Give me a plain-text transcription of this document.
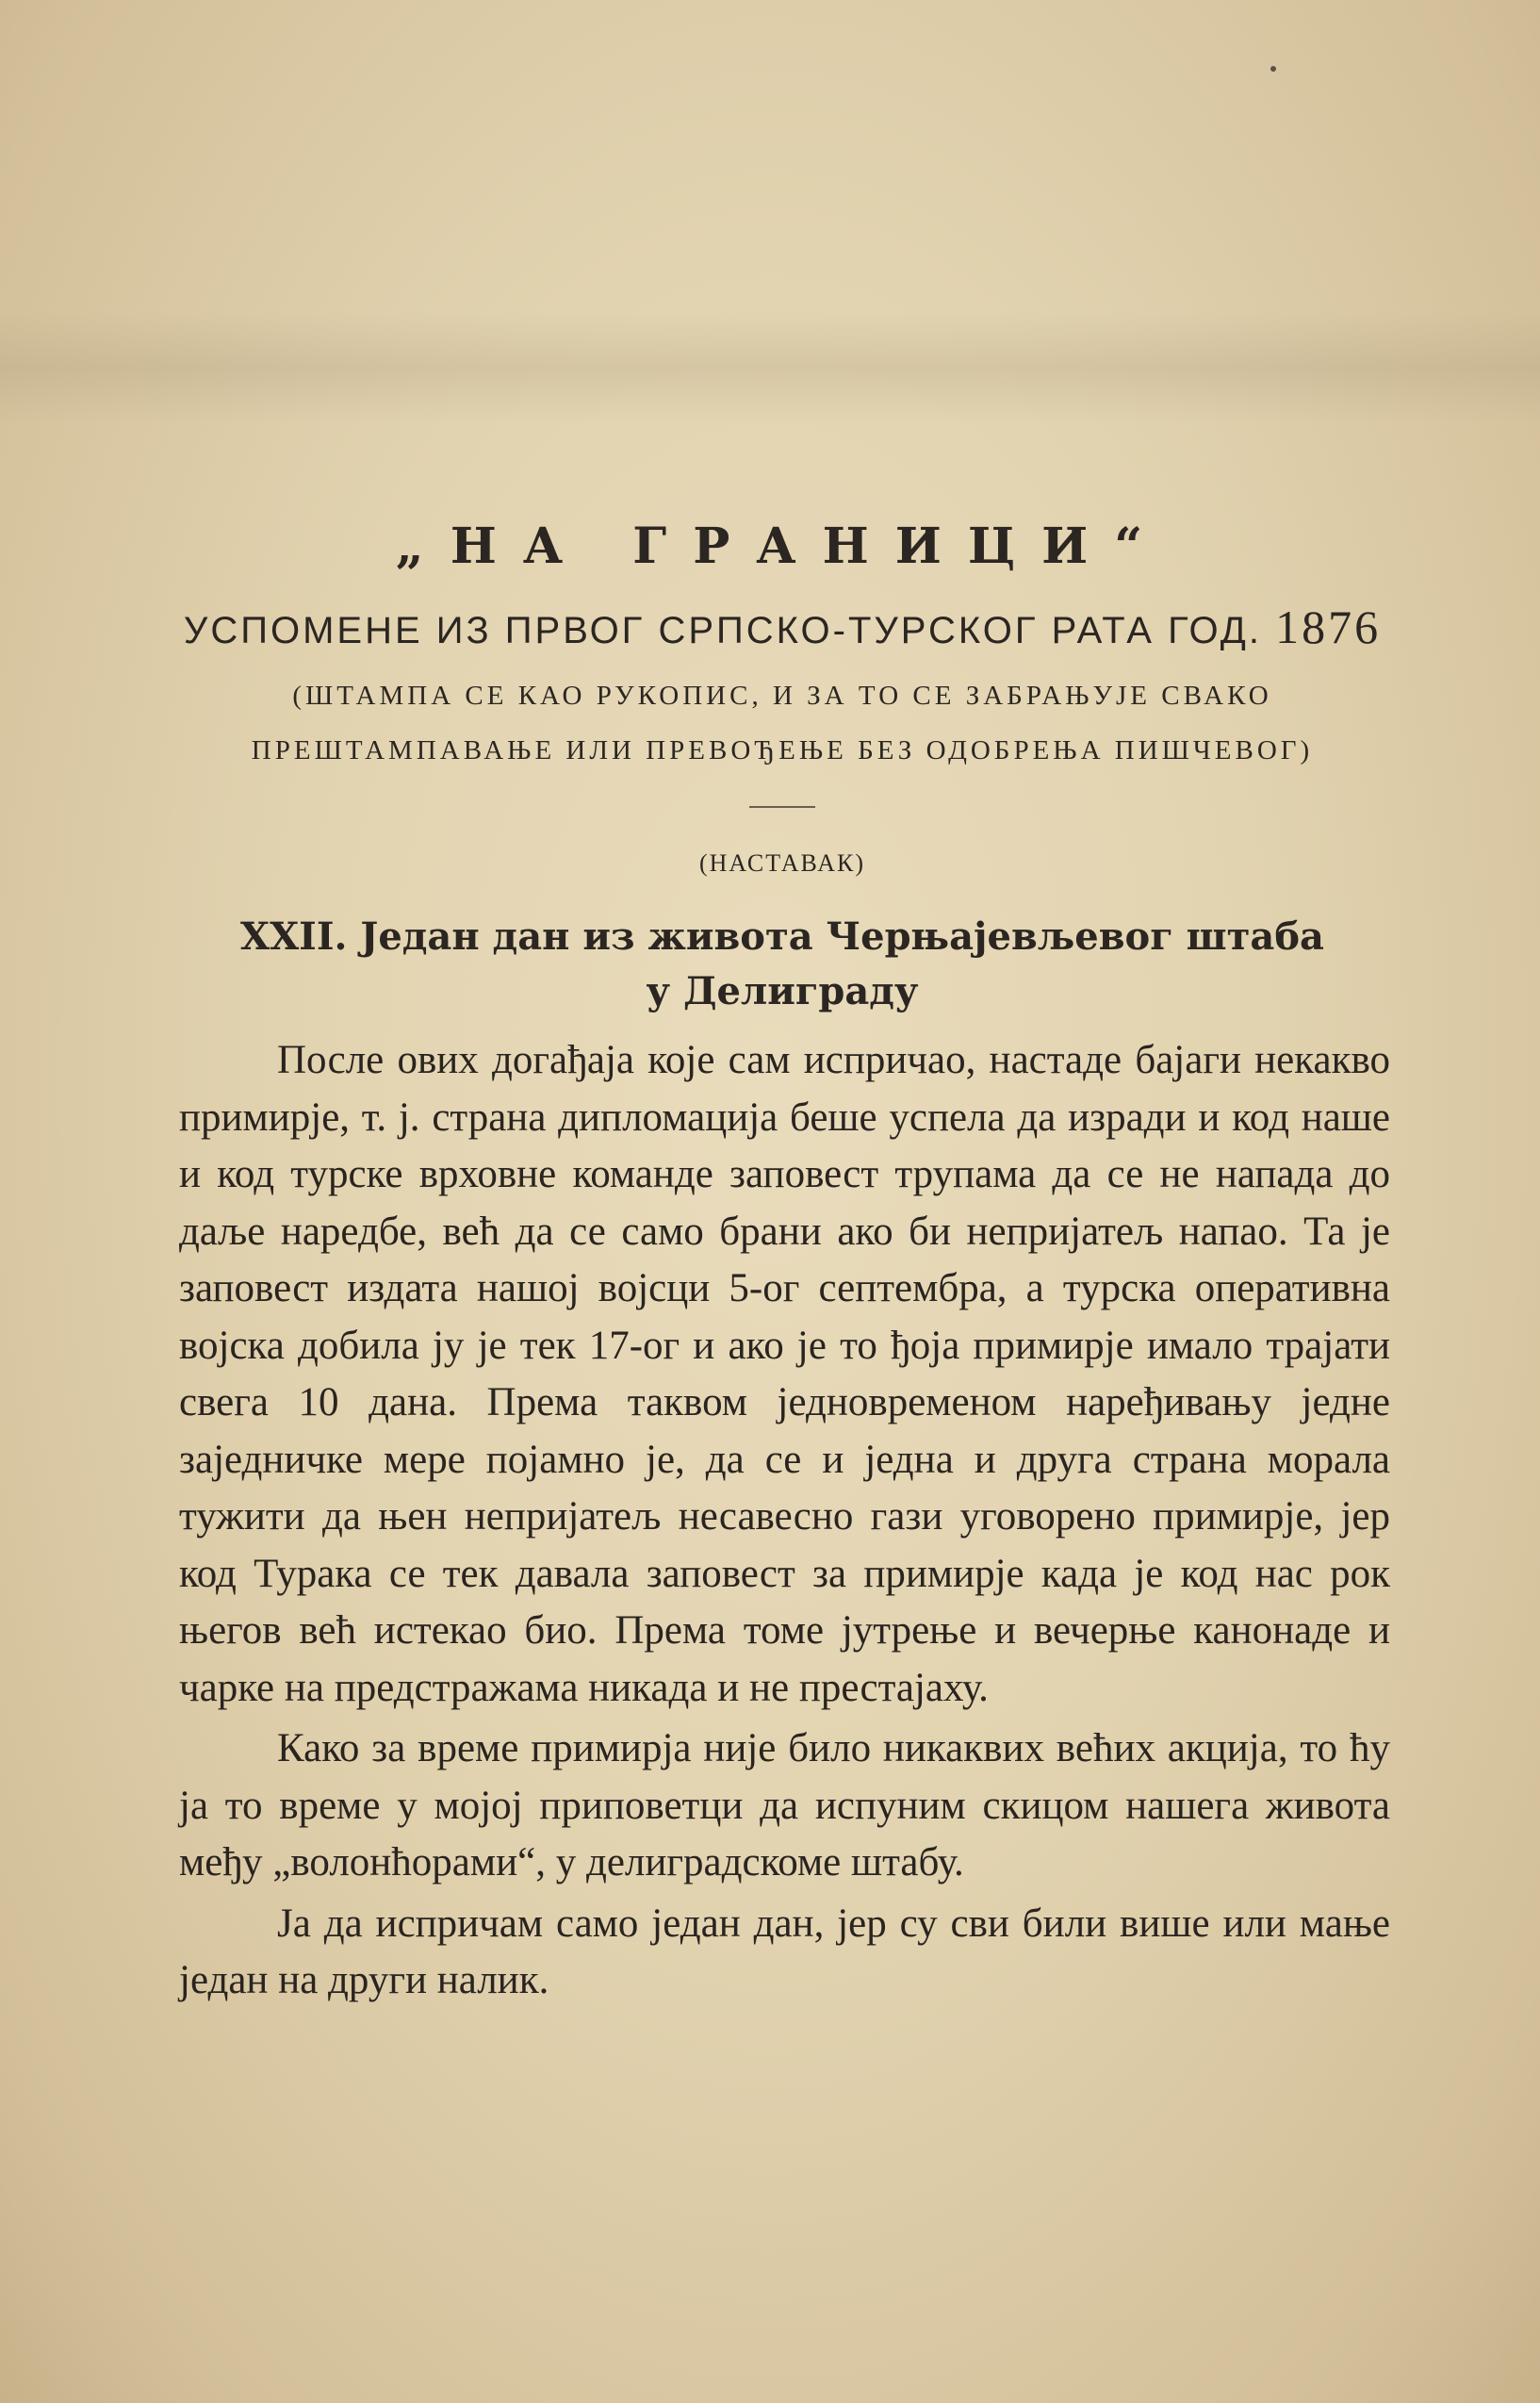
„НА ГРАНИЦИ“
УСПОМЕНЕ ИЗ ПРВОГ СРПСКО-ТУРСКОГ РАТА ГОД. 1876
(ШТАМПА СЕ КАО РУКОПИС, И ЗА ТО СЕ ЗАБРАЊУЈЕ СВАКО ПРЕШТАМПАВАЊЕ ИЛИ ПРЕВОЂЕЊЕ БЕЗ ОДОБРЕЊА ПИШЧЕВОГ)
(НАСТАВАК)
XXII. Један дан из живота Черњајевљевог штаба
у Делиграду

После ових догађаја које сам испричао, настаде бајаги некакво примирје, т. ј. страна дипломација беше успела да изради и код наше и код турске врховне команде заповест трупама да се не напада до даље наредбе, већ да се само брани ако би непријатељ напао. Та је заповест издата нашој војсци 5-ог септембра, а турска оперативна војска добила ју је тек 17-ог и ако је то ђоја примирје имало трајати свега 10 дана. Према таквом једновременом наређивању једне заједничке мере појамно је, да се и једна и друга страна морала тужити да њен непријатељ несавесно гази уговорено примирје, јер код Турака се тек давала заповест за примирје када је код нас рок његов већ истекао био. Према томе јутрење и вечерње канонаде и чарке на предстражама никада и не престајаху.

Како за време примирја није било никаквих већих акција, то ћу ја то време у мојој приповетци да испуним скицом нашега живота међу „волонћорами“, у делиградскоме штабу.

Ја да испричам само један дан, јер су сви били више или мање један на други налик.
